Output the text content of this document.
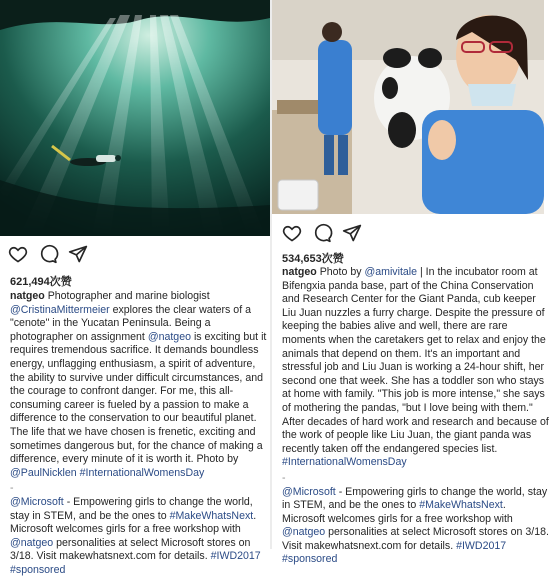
621,494次赞
natgeo Photographer and marine biologist
@CristinaMittermeier explores the clear waters of a "cenote" in the Yucatan Peninsula. Being a photographer on assignment @natgeo is exciting but it requires tremendous sacrifice. It demands boundless energy, unflagging enthusiasm, a spirit of adventure, the ability to survive under difficult circumstances, and the courage to confront danger. For me, this all-consuming career is fueled by a passion to make a difference to the conservation to our beautiful planet. The life that we have chosen is frenetic, exciting and sometimes dangerous but, for the chance of making a difference, every minute of it is worth it. Photo by @PaulNicklen #InternationalWomensDay
-
@Microsoft - Empowering girls to change the world, stay in STEM, and be the ones to #MakeWhatsNext. Microsoft welcomes girls for a free workshop with @natgeo personalities at select Microsoft stores on 3/18. Visit makewhatsnext.com for details. #IWD2017 #sponsored
534,653次赞
natgeo Photo by @amivitale | In the incubator room at Bifengxia panda base, part of the China Conservation and Research Center for the Giant Panda, cub keeper Liu Juan nuzzles a furry charge. Despite the pressure of keeping the babies alive and well, there are rare moments when the caretakers get to relax and enjoy the animals that depend on them. It's an important and stressful job and Liu Juan is working a 24-hour shift, her second one that week. She has a toddler son who stays at home with family. "This job is more intense," she says of mothering the pandas, "but I love being with them." After decades of hard work and research and because of the work of people like Liu Juan, the giant panda was recently taken off the endangered species list. #InternationalWomensDay
-
@Microsoft - Empowering girls to change the world, stay in STEM, and be the ones to #MakeWhatsNext. Microsoft welcomes girls for a free workshop with @natgeo personalities at select Microsoft stores on 3/18. Visit makewhatsnext.com for details. #IWD2017 #sponsored
